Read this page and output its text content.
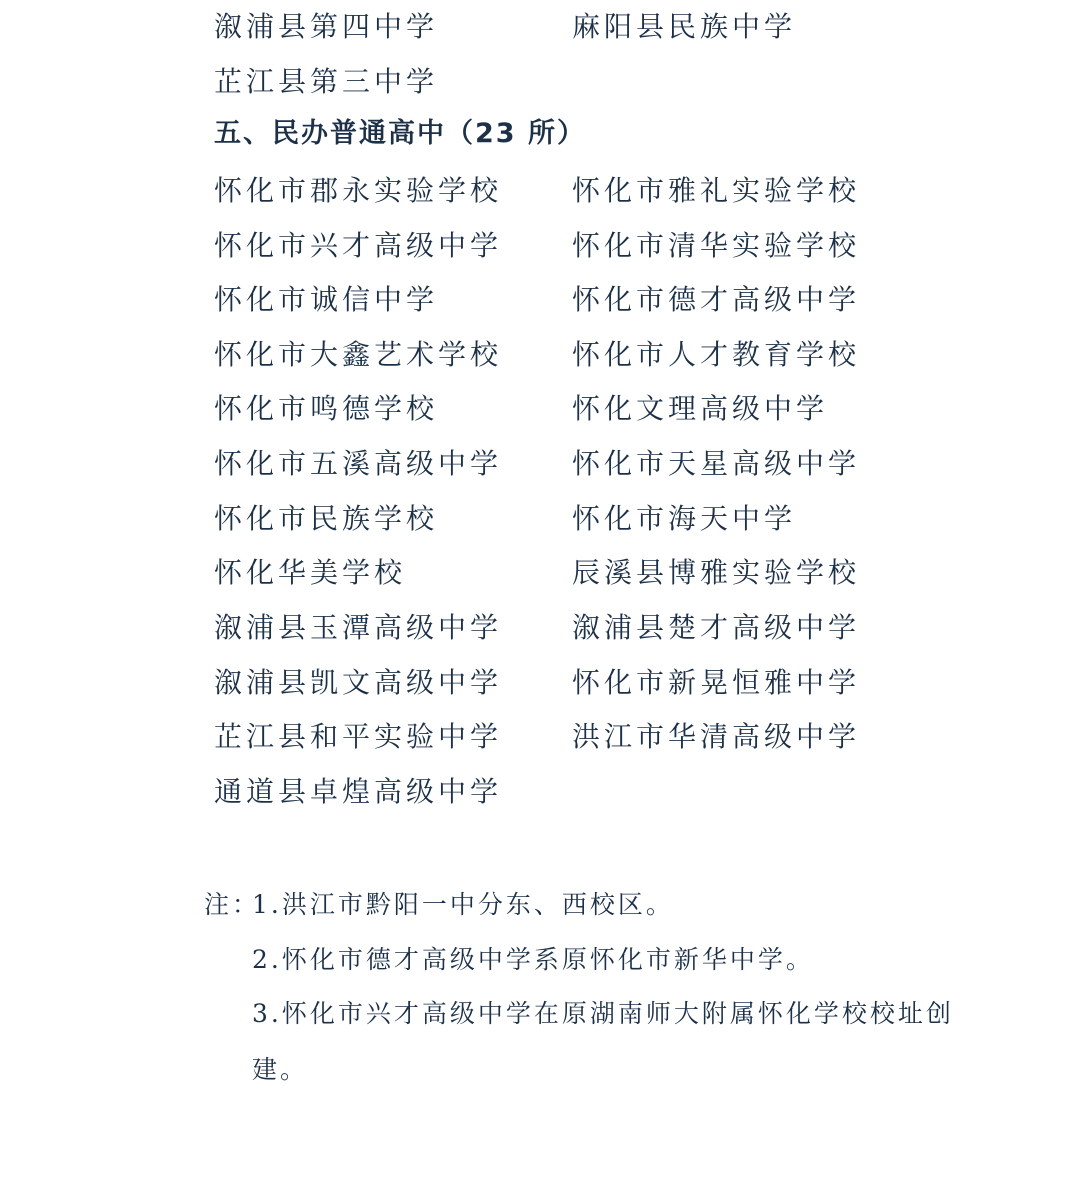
溆浦县第四中学	麻阳县民族中学
芷江县第三中学
五、民办普通高中（23 所）
怀化市郡永实验学校 怀化市雅礼实验学校
怀化市兴才高级中学 怀化市清华实验学校
怀化市诚信中学	怀化市德才高级中学
怀化市大鑫艺术学校 怀化市人才教育学校
怀化市鸣德学校	怀化文理高级中学
怀化市五溪高级中学 怀化市天星高级中学
怀化市民族学校	怀化市海天中学
怀化华美学校	辰溪县博雅实验学校
溆浦县玉潭高级中学 溆浦县楚才高级中学
溆浦县凯文高级中学 怀化市新晃恒雅中学
芷江县和平实验中学 洪江市华清高级中学
通道县卓煌高级中学
注：
1.洪江市黔阳一中分东、西校区。
2.怀化市德才高级中学系原怀化市新华中学。
3.怀化市兴才高级中学在原湖南师大附属怀化学校校址创
建。
